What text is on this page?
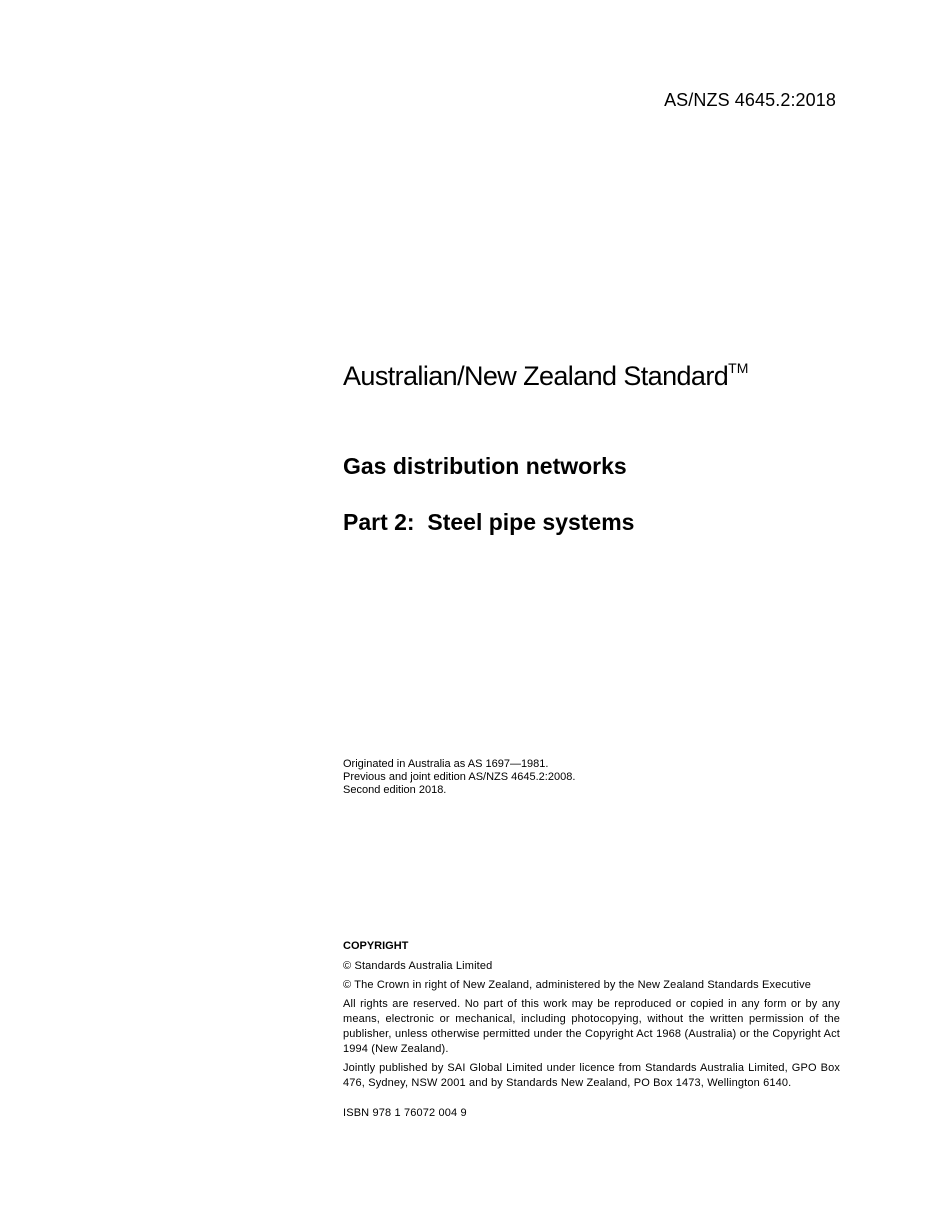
AS/NZS 4645.2:2018
Australian/New Zealand Standard™
Gas distribution networks
Part 2:  Steel pipe systems
Originated in Australia as AS 1697—1981.
Previous and joint edition AS/NZS 4645.2:2008.
Second edition 2018.
COPYRIGHT

© Standards Australia Limited

© The Crown in right of New Zealand, administered by the New Zealand Standards Executive

All rights are reserved. No part of this work may be reproduced or copied in any form or by any means, electronic or mechanical, including photocopying, without the written permission of the publisher, unless otherwise permitted under the Copyright Act 1968 (Australia) or the Copyright Act 1994 (New Zealand).

Jointly published by SAI Global Limited under licence from Standards Australia Limited, GPO Box 476, Sydney, NSW 2001 and by Standards New Zealand, PO Box 1473, Wellington 6140.

ISBN 978 1 76072 004 9
